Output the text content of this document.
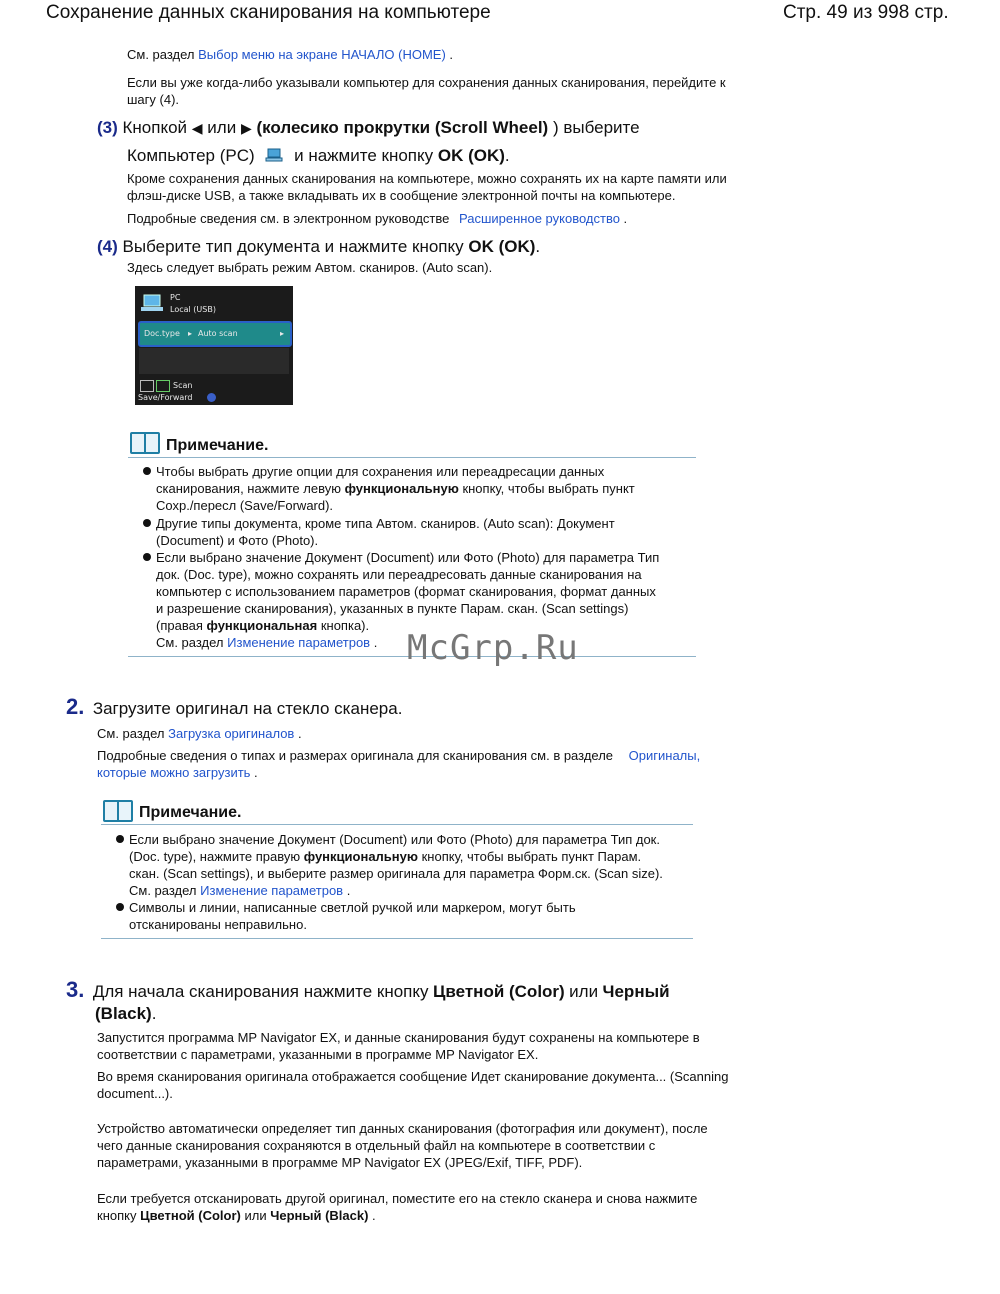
Сохранение данных сканирования на компьютере	Стр. 49 из 998 стр.
См. раздел Выбор меню на экране НАЧАЛО (HOME) .
Если вы уже когда-либо указывали компьютер для сохранения данных сканирования, перейдите к
шагу (4).
(3) Кнопкой ◀ или ▶ (колесико прокрутки (Scroll Wheel) ) выберите
Компьютер (PC) и нажмите кнопку OK (OK).
Кроме сохранения данных сканирования на компьютере, можно сохранять их на карте памяти или
флэш-диске USB, а также вкладывать их в сообщение электронной почты на компьютере.
Подробные сведения см. в электронном руководстве Расширенное руководство .
(4) Выберите тип документа и нажмите кнопку OK (OK).
Здесь следует выбрать режим Автом. сканиров. (Auto scan).
PC
Local (USB)
Doc.type ▸ Auto scan	▸
Scan
Save/Forward
Примечание.
Чтобы выбрать другие опции для сохранения или переадресации данных
сканирования, нажмите левую функциональную кнопку, чтобы выбрать пункт
Сохр./пересл (Save/Forward).
Другие типы документа, кроме типа Автом. сканиров. (Auto scan): Документ
(Document) и Фото (Photo).
Если выбрано значение Документ (Document) или Фото (Photo) для параметра Тип
док. (Doc. type), можно сохранять или переадресовать данные сканирования на
компьютер с использованием параметров (формат сканирования, формат данных
и разрешение сканирования), указанных в пункте Парам. скан. (Scan settings)
(правая функциональная кнопка).
См. раздел Изменение параметров . McGrp.Ru
2. Загрузите оригинал на стекло сканера.
См. раздел Загрузка оригиналов .
Подробные сведения о типах и размерах оригинала для сканирования см. в разделе Оригиналы,
которые можно загрузить .
Примечание.
Если выбрано значение Документ (Document) или Фото (Photo) для параметра Тип док.
(Doc. type), нажмите правую функциональную кнопку, чтобы выбрать пункт Парам.
скан. (Scan settings), и выберите размер оригинала для параметра Форм.ск. (Scan size).
См. раздел Изменение параметров .
Символы и линии, написанные светлой ручкой или маркером, могут быть
отсканированы неправильно.
3. Для начала сканирования нажмите кнопку Цветной (Color) или Черный
(Black).
Запустится программа MP Navigator EX, и данные сканирования будут сохранены на компьютере в
соответствии с параметрами, указанными в программе MP Navigator EX.
Во время сканирования оригинала отображается сообщение Идет сканирование документа... (Scanning
document...).
Устройство автоматически определяет тип данных сканирования (фотография или документ), после
чего данные сканирования сохраняются в отдельный файл на компьютере в соответствии с
параметрами, указанными в программе MP Navigator EX (JPEG/Exif, TIFF, PDF).
Если требуется отсканировать другой оригинал, поместите его на стекло сканера и снова нажмите
кнопку Цветной (Color) или Черный (Black) .
